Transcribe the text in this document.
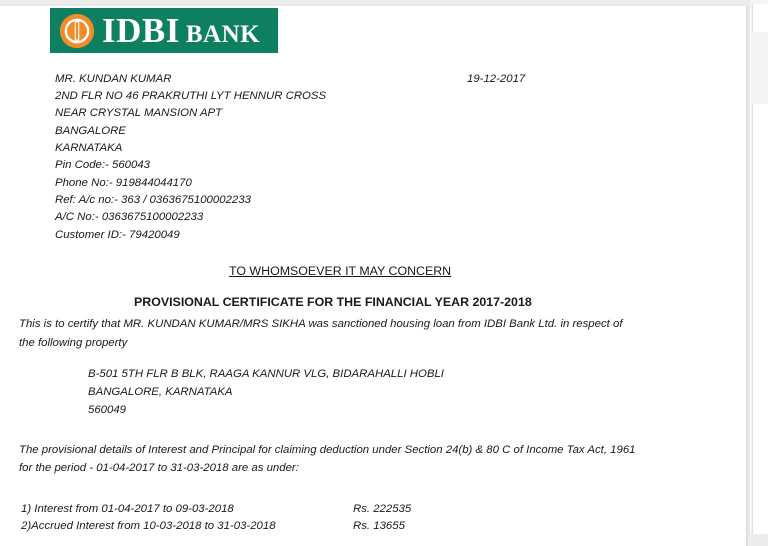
IDBI BANK
MR. KUNDAN KUMAR	19-12-2017
2ND FLR NO 46 PRAKRUTHI LYT HENNUR CROSS
NEAR CRYSTAL MANSION APT
BANGALORE
KARNATAKA
Pin Code:- 560043
Phone No:- 919844044170
Ref: A/c no:- 363 / 0363675100002233
A/C No:- 0363675100002233
Customer ID:- 79420049
TO WHOMSOEVER IT MAY CONCERN
PROVISIONAL CERTIFICATE FOR THE FINANCIAL YEAR 2017-2018
This is to certify that MR. KUNDAN KUMAR/MRS SIKHA was sanctioned housing loan from IDBI Bank Ltd. in respect of
the following property
B-501 5TH FLR B BLK, RAAGA KANNUR VLG, BIDARAHALLI HOBLI
BANGALORE, KARNATAKA
560049
The provisional details of Interest and Principal for claiming deduction under Section 24(b) & 80 C of Income Tax Act, 1961
for the period - 01-04-2017 to 31-03-2018 are as under:
1) Interest from 01-04-2017 to 09-03-2018	Rs. 222535
2)Accrued Interest from 10-03-2018 to 31-03-2018	Rs. 13655
